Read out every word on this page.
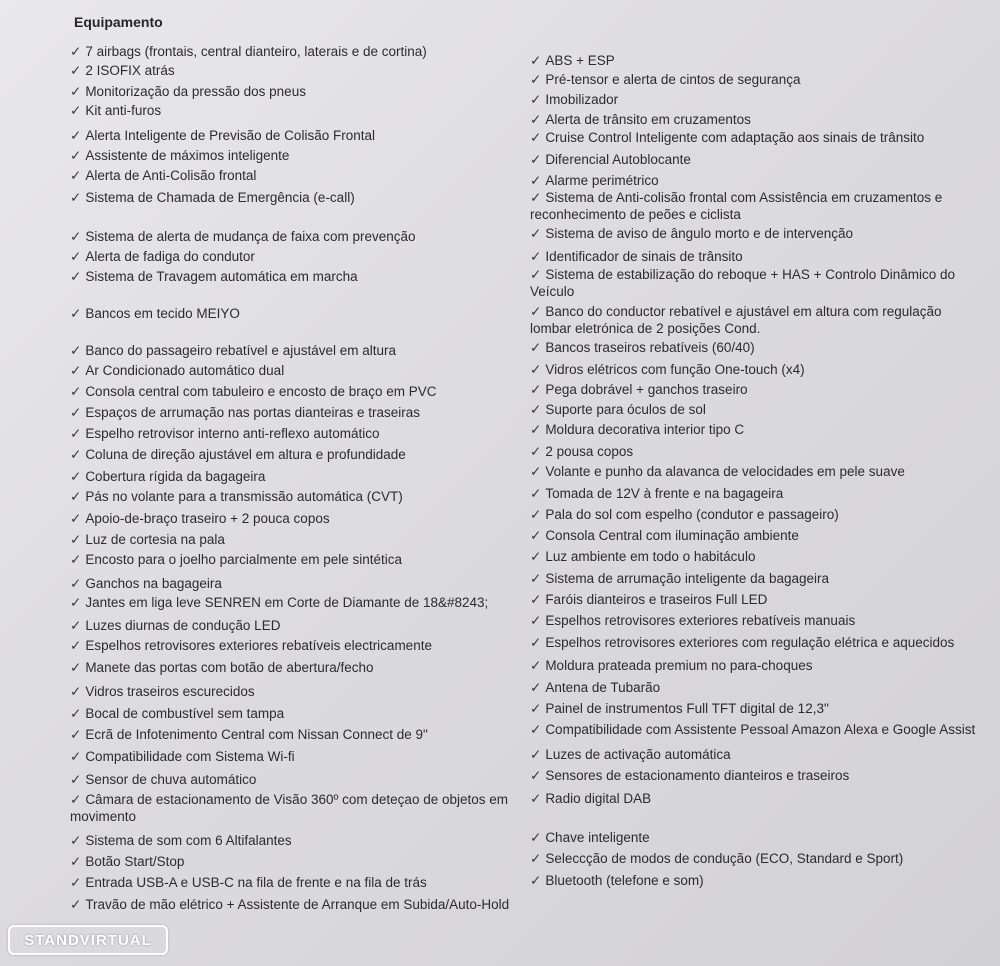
Equipamento
✓ 7 airbags (frontais, central dianteiro, laterais e de cortina)
✓ 2 ISOFIX atrás
✓ Monitorização da pressão dos pneus
✓ Kit anti-furos
✓ Alerta Inteligente de Previsão de Colisão Frontal
✓ Assistente de máximos inteligente
✓ Alerta de Anti-Colisão frontal
✓ Sistema de Chamada de Emergência (e-call)
✓ Sistema de alerta de mudança de faixa com prevenção
✓ Alerta de fadiga do condutor
✓ Sistema de Travagem automática em marcha
✓ Bancos em tecido MEIYO
✓ Banco do passageiro rebatível e ajustável em altura
✓ Ar Condicionado automático dual
✓ Consola central com tabuleiro e encosto de braço em PVC
✓ Espaços de arrumação nas portas dianteiras e traseiras
✓ Espelho retrovisor interno anti-reflexo automático
✓ Coluna de direção ajustável em altura e profundidade
✓ Cobertura rígida da bagageira
✓ Pás no volante para a transmissão automática (CVT)
✓ Apoio-de-braço traseiro + 2 pouca copos
✓ Luz de cortesia na pala
✓ Encosto para o joelho parcialmente em pele sintética
✓ Ganchos na bagageira
✓ Jantes em liga leve SENREN em Corte de Diamante de 18&#8243;
✓ Luzes diurnas de condução LED
✓ Espelhos retrovisores exteriores rebatíveis electricamente
✓ Manete das portas com botão de abertura/fecho
✓ Vidros traseiros escurecidos
✓ Bocal de combustível sem tampa
✓ Ecrã de Infotenimento Central com Nissan Connect de 9"
✓ Compatibilidade com Sistema Wi-fi
✓ Sensor de chuva automático
✓ Câmara de estacionamento de Visão 360º com deteçao de objetos em movimento
✓ Sistema de som com 6 Altifalantes
✓ Botão Start/Stop
✓ Entrada USB-A e USB-C na fila de frente e na fila de trás
✓ Travão de mão elétrico + Assistente de Arranque em Subida/Auto-Hold
✓ ABS + ESP
✓ Pré-tensor e alerta de cintos de segurança
✓ Imobilizador
✓ Alerta de trânsito em cruzamentos
✓ Cruise Control Inteligente com adaptação aos sinais de trânsito
✓ Diferencial Autoblocante
✓ Alarme perimétrico
✓ Sistema de Anti-colisão frontal com Assistência em cruzamentos e reconhecimento de peões e ciclista
✓ Sistema de aviso de ângulo morto e de intervenção
✓ Identificador de sinais de trânsito
✓ Sistema de estabilização do reboque + HAS + Controlo Dinâmico do Veículo
✓ Banco do conductor rebatível e ajustável em altura com regulação lombar eletrónica de 2 posições Cond.
✓ Bancos traseiros rebatíveis (60/40)
✓ Vidros elétricos com função One-touch (x4)
✓ Pega dobrável + ganchos traseiro
✓ Suporte para óculos de sol
✓ Moldura decorativa interior tipo C
✓ 2 pousa copos
✓ Volante e punho da alavanca de velocidades em pele suave
✓ Tomada de 12V à frente e na bagageira
✓ Pala do sol com espelho (condutor e passageiro)
✓ Consola Central com iluminação ambiente
✓ Luz ambiente em todo o habitáculo
✓ Sistema de arrumação inteligente da bagageira
✓ Faróis dianteiros e traseiros Full LED
✓ Espelhos retrovisores exteriores rebatíveis manuais
✓ Espelhos retrovisores exteriores com regulação elétrica e aquecidos
✓ Moldura prateada premium no para-choques
✓ Antena de Tubarão
✓ Painel de instrumentos Full TFT digital de 12,3"
✓ Compatibilidade com Assistente Pessoal Amazon Alexa e Google Assist
✓ Luzes de activação automática
✓ Sensores de estacionamento dianteiros e traseiros
✓ Radio digital DAB
✓ Chave inteligente
✓ Seleccção de modos de condução (ECO, Standard e Sport)
✓ Bluetooth (telefone e som)
STANDVIRTUAL
